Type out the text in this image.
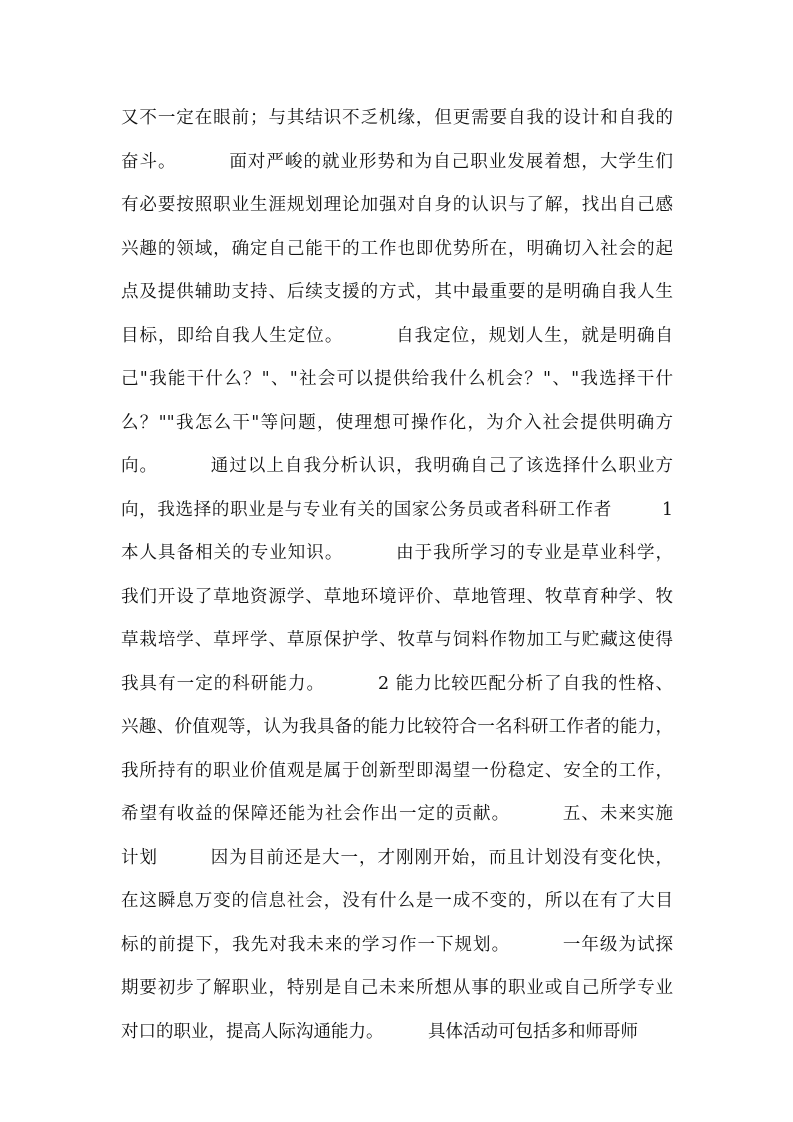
又不一定在眼前；与其结识不乏机缘，但更需要自我的设计和自我的
奋斗。        面对严峻的就业形势和为自己职业发展着想，大学生们
有必要按照职业生涯规划理论加强对自身的认识与了解，找出自己感
兴趣的领域，确定自己能干的工作也即优势所在，明确切入社会的起
点及提供辅助支持、后续支援的方式，其中最重要的是明确自我人生
目标，即给自我人生定位。        自我定位，规划人生，就是明确自
己"我能干什么？"、"社会可以提供给我什么机会？"、"我选择干什
么？""我怎么干"等问题，使理想可操作化，为介入社会提供明确方
向。        通过以上自我分析认识，我明确自己了该选择什么职业方
向，我选择的职业是与专业有关的国家公务员或者科研工作者        1
本人具备相关的专业知识。        由于我所学习的专业是草业科学，
我们开设了草地资源学、草地环境评价、草地管理、牧草育种学、牧
草栽培学、草坪学、草原保护学、牧草与饲料作物加工与贮藏这使得
我具有一定的科研能力。        2 能力比较匹配分析了自我的性格、
兴趣、价值观等，认为我具备的能力比较符合一名科研工作者的能力，
我所持有的职业价值观是属于创新型即渴望一份稳定、安全的工作，
希望有收益的保障还能为社会作出一定的贡献。        五、未来实施
计划        因为目前还是大一，才刚刚开始，而且计划没有变化快，
在这瞬息万变的信息社会，没有什么是一成不变的，所以在有了大目
标的前提下，我先对我未来的学习作一下规划。        一年级为试探
期要初步了解职业，特别是自己未来所想从事的职业或自己所学专业
对口的职业，提高人际沟通能力。        具体活动可包括多和师哥师
